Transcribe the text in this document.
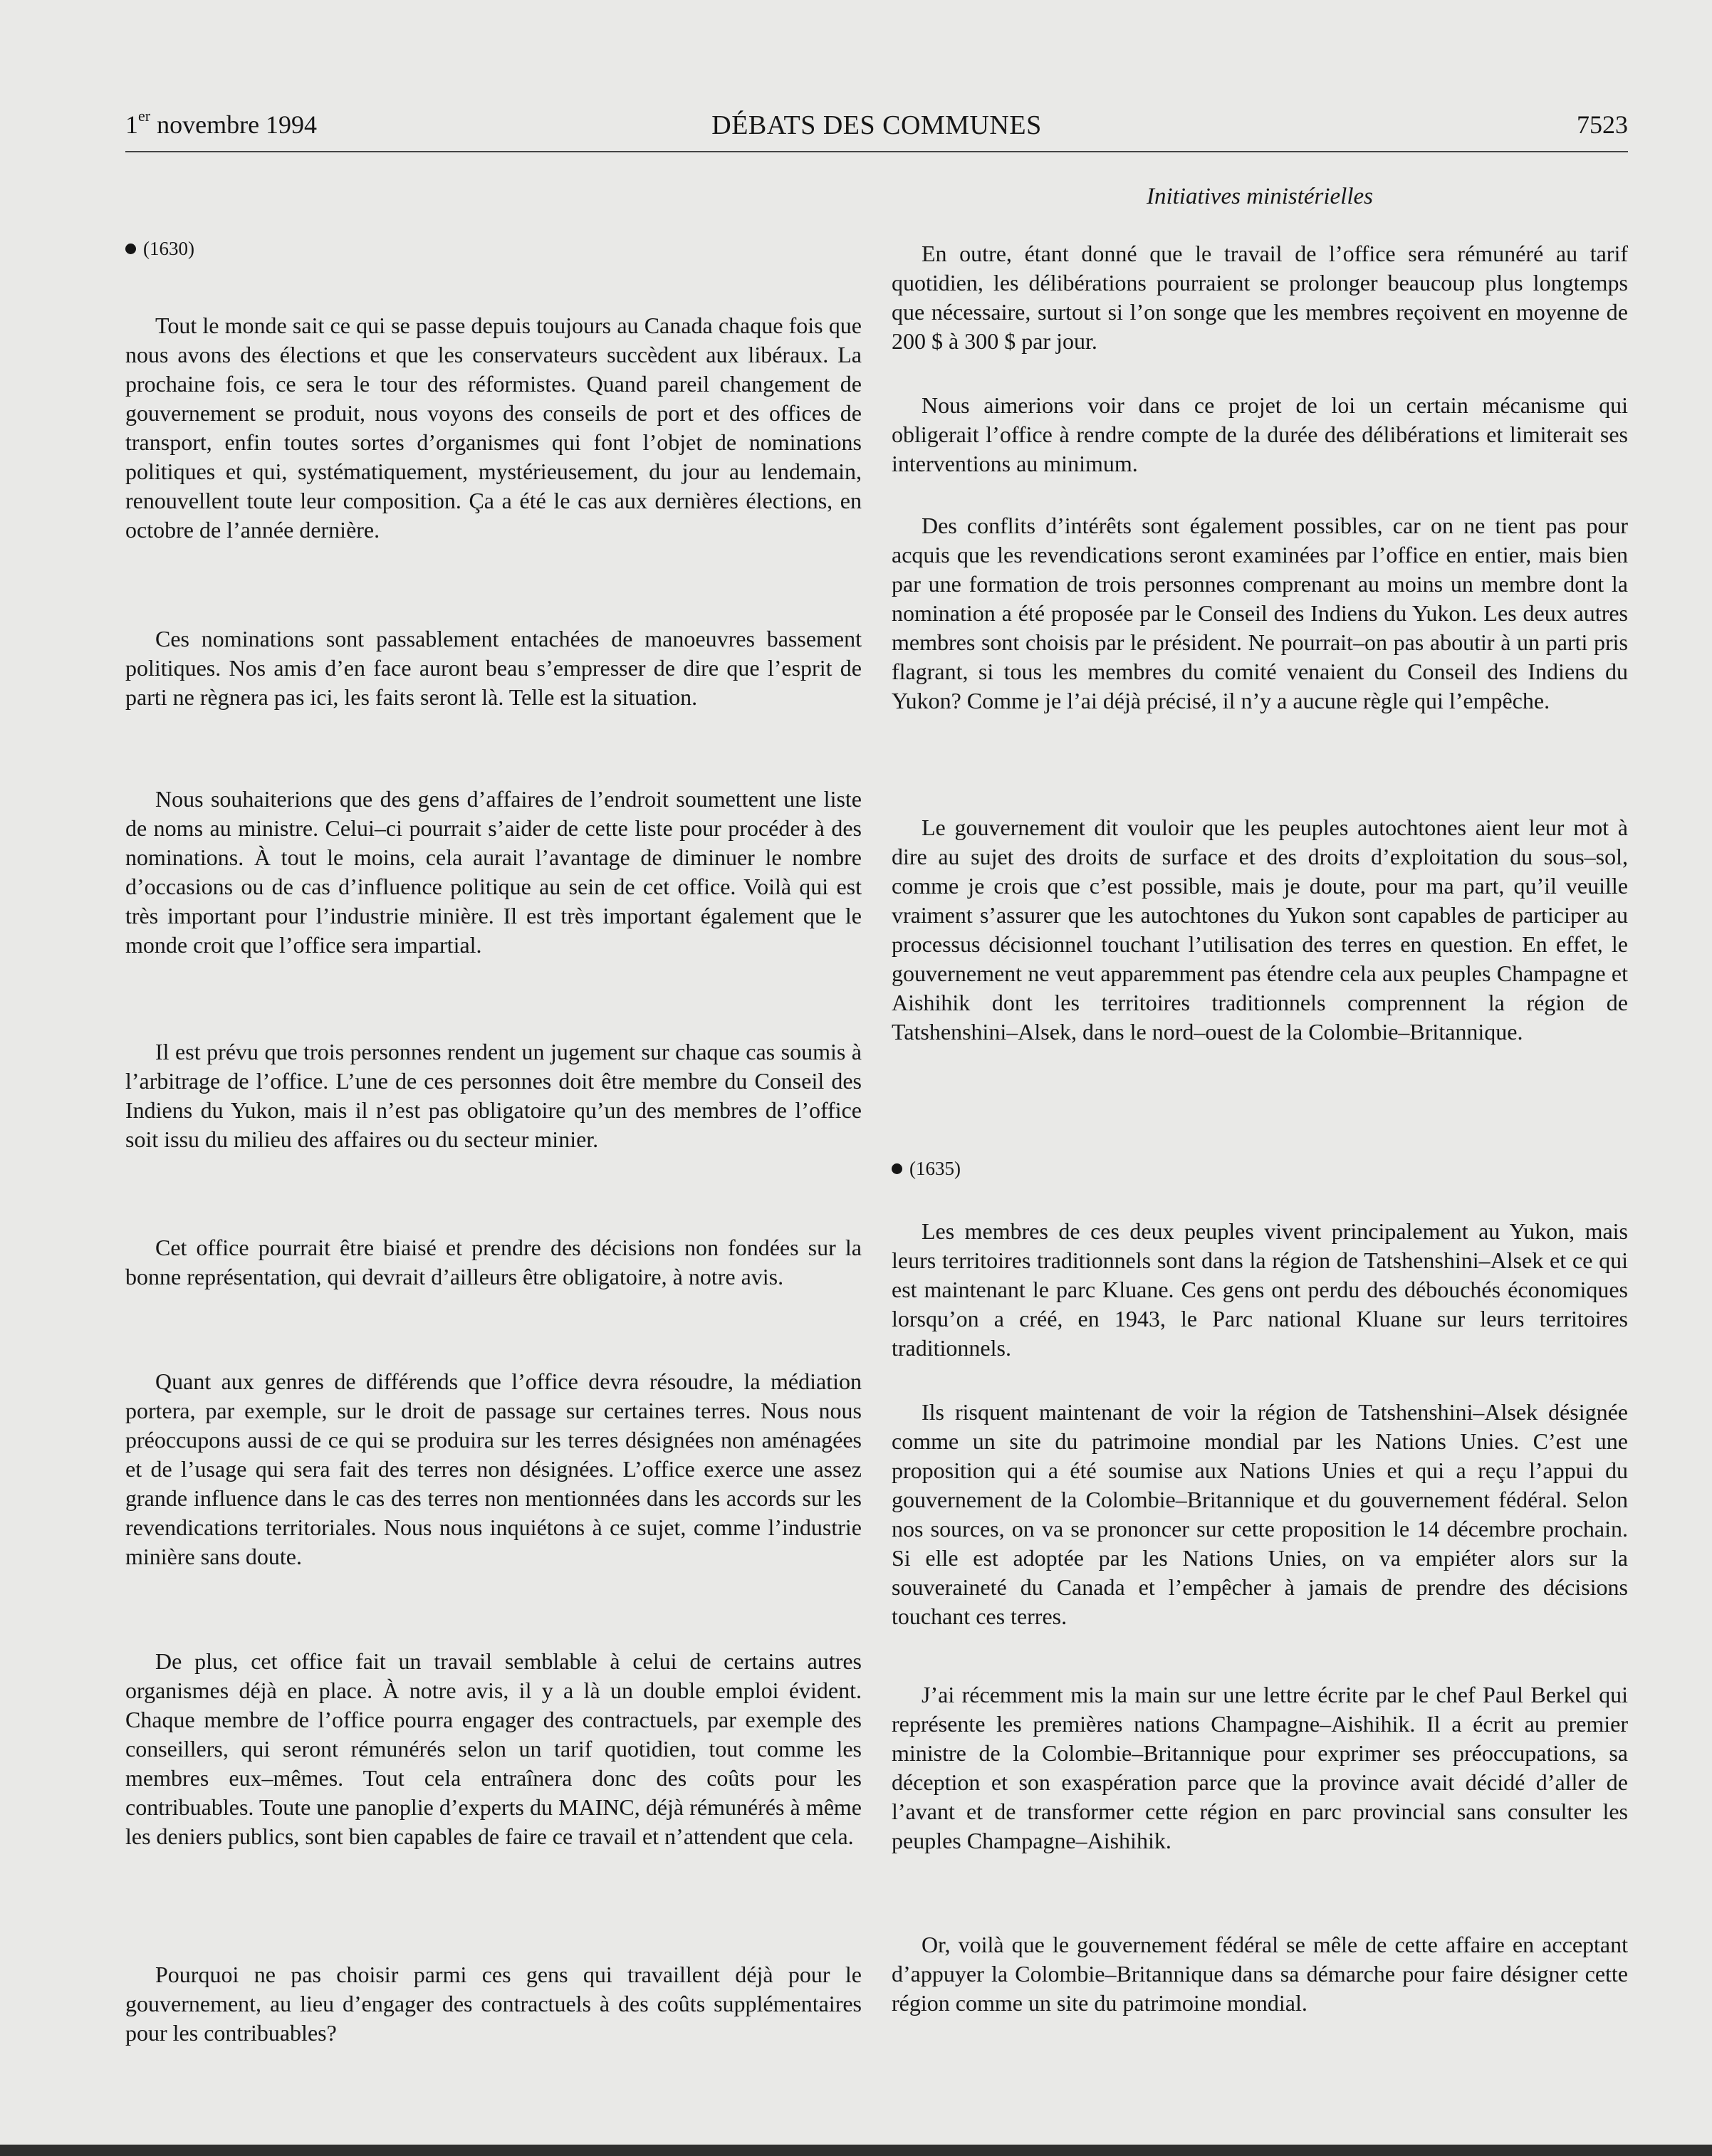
1er novembre 1994	DÉBATS DES COMMUNES	7523
Initiatives ministérielles
(1630)

Tout le monde sait ce qui se passe depuis toujours au Canada chaque fois que nous avons des élections et que les conservateurs succèdent aux libéraux. La prochaine fois, ce sera le tour des réformistes. Quand pareil changement de gouvernement se produit, nous voyons des conseils de port et des offices de transport, enfin toutes sortes d’organismes qui font l’objet de nominations politiques et qui, systématiquement, mystérieusement, du jour au lendemain, renouvellent toute leur composition. Ça a été le cas aux dernières élections, en octobre de l’année dernière.

Ces nominations sont passablement entachées de manoeuvres bassement politiques. Nos amis d’en face auront beau s’empresser de dire que l’esprit de parti ne règnera pas ici, les faits seront là. Telle est la situation.

Nous souhaiterions que des gens d’affaires de l’endroit soumettent une liste de noms au ministre. Celui–ci pourrait s’aider de cette liste pour procéder à des nominations. À tout le moins, cela aurait l’avantage de diminuer le nombre d’occasions ou de cas d’influence politique au sein de cet office. Voilà qui est très important pour l’industrie minière. Il est très important également que le monde croit que l’office sera impartial.

Il est prévu que trois personnes rendent un jugement sur chaque cas soumis à l’arbitrage de l’office. L’une de ces personnes doit être membre du Conseil des Indiens du Yukon, mais il n’est pas obligatoire qu’un des membres de l’office soit issu du milieu des affaires ou du secteur minier.

Cet office pourrait être biaisé et prendre des décisions non fondées sur la bonne représentation, qui devrait d’ailleurs être obligatoire, à notre avis.

Quant aux genres de différends que l’office devra résoudre, la médiation portera, par exemple, sur le droit de passage sur certaines terres. Nous nous préoccupons aussi de ce qui se produira sur les terres désignées non aménagées et de l’usage qui sera fait des terres non désignées. L’office exerce une assez grande influence dans le cas des terres non mentionnées dans les accords sur les revendications territoriales. Nous nous inquiétons à ce sujet, comme l’industrie minière sans doute.

De plus, cet office fait un travail semblable à celui de certains autres organismes déjà en place. À notre avis, il y a là un double emploi évident. Chaque membre de l’office pourra engager des contractuels, par exemple des conseillers, qui seront rémunérés selon un tarif quotidien, tout comme les membres eux–mêmes. Tout cela entraînera donc des coûts pour les contribuables. Toute une panoplie d’experts du MAINC, déjà rémunérés à même les deniers publics, sont bien capables de faire ce travail et n’attendent que cela.

Pourquoi ne pas choisir parmi ces gens qui travaillent déjà pour le gouvernement, au lieu d’engager des contractuels à des coûts supplémentaires pour les contribuables?

En outre, étant donné que le travail de l’office sera rémunéré au tarif quotidien, les délibérations pourraient se prolonger beaucoup plus longtemps que nécessaire, surtout si l’on songe que les membres reçoivent en moyenne de 200 $ à 300 $ par jour.

Nous aimerions voir dans ce projet de loi un certain mécanisme qui obligerait l’office à rendre compte de la durée des délibérations et limiterait ses interventions au minimum.

Des conflits d’intérêts sont également possibles, car on ne tient pas pour acquis que les revendications seront examinées par l’office en entier, mais bien par une formation de trois personnes comprenant au moins un membre dont la nomination a été proposée par le Conseil des Indiens du Yukon. Les deux autres membres sont choisis par le président. Ne pourrait–on pas aboutir à un parti pris flagrant, si tous les membres du comité venaient du Conseil des Indiens du Yukon? Comme je l’ai déjà précisé, il n’y a aucune règle qui l’empêche.

Le gouvernement dit vouloir que les peuples autochtones aient leur mot à dire au sujet des droits de surface et des droits d’exploitation du sous–sol, comme je crois que c’est possible, mais je doute, pour ma part, qu’il veuille vraiment s’assurer que les autochtones du Yukon sont capables de participer au processus décisionnel touchant l’utilisation des terres en question. En effet, le gouvernement ne veut apparemment pas étendre cela aux peuples Champagne et Aishihik dont les territoires traditionnels comprennent la région de Tatshenshini–Alsek, dans le nord–ouest de la Colombie–Britannique.

(1635)

Les membres de ces deux peuples vivent principalement au Yukon, mais leurs territoires traditionnels sont dans la région de Tatshenshini–Alsek et ce qui est maintenant le parc Kluane. Ces gens ont perdu des débouchés économiques lorsqu’on a créé, en 1943, le Parc national Kluane sur leurs territoires traditionnels.

Ils risquent maintenant de voir la région de Tatshenshini–Alsek désignée comme un site du patrimoine mondial par les Nations Unies. C’est une proposition qui a été soumise aux Nations Unies et qui a reçu l’appui du gouvernement de la Colombie–Britannique et du gouvernement fédéral. Selon nos sources, on va se prononcer sur cette proposition le 14 décembre prochain. Si elle est adoptée par les Nations Unies, on va empiéter alors sur la souveraineté du Canada et l’empêcher à jamais de prendre des décisions touchant ces terres.

J’ai récemment mis la main sur une lettre écrite par le chef Paul Berkel qui représente les premières nations Champagne–Aishihik. Il a écrit au premier ministre de la Colombie–Britannique pour exprimer ses préoccupations, sa déception et son exaspération parce que la province avait décidé d’aller de l’avant et de transformer cette région en parc provincial sans consulter les peuples Champagne–Aishihik.

Or, voilà que le gouvernement fédéral se mêle de cette affaire en acceptant d’appuyer la Colombie–Britannique dans sa démarche pour faire désigner cette région comme un site du patrimoine mondial.
